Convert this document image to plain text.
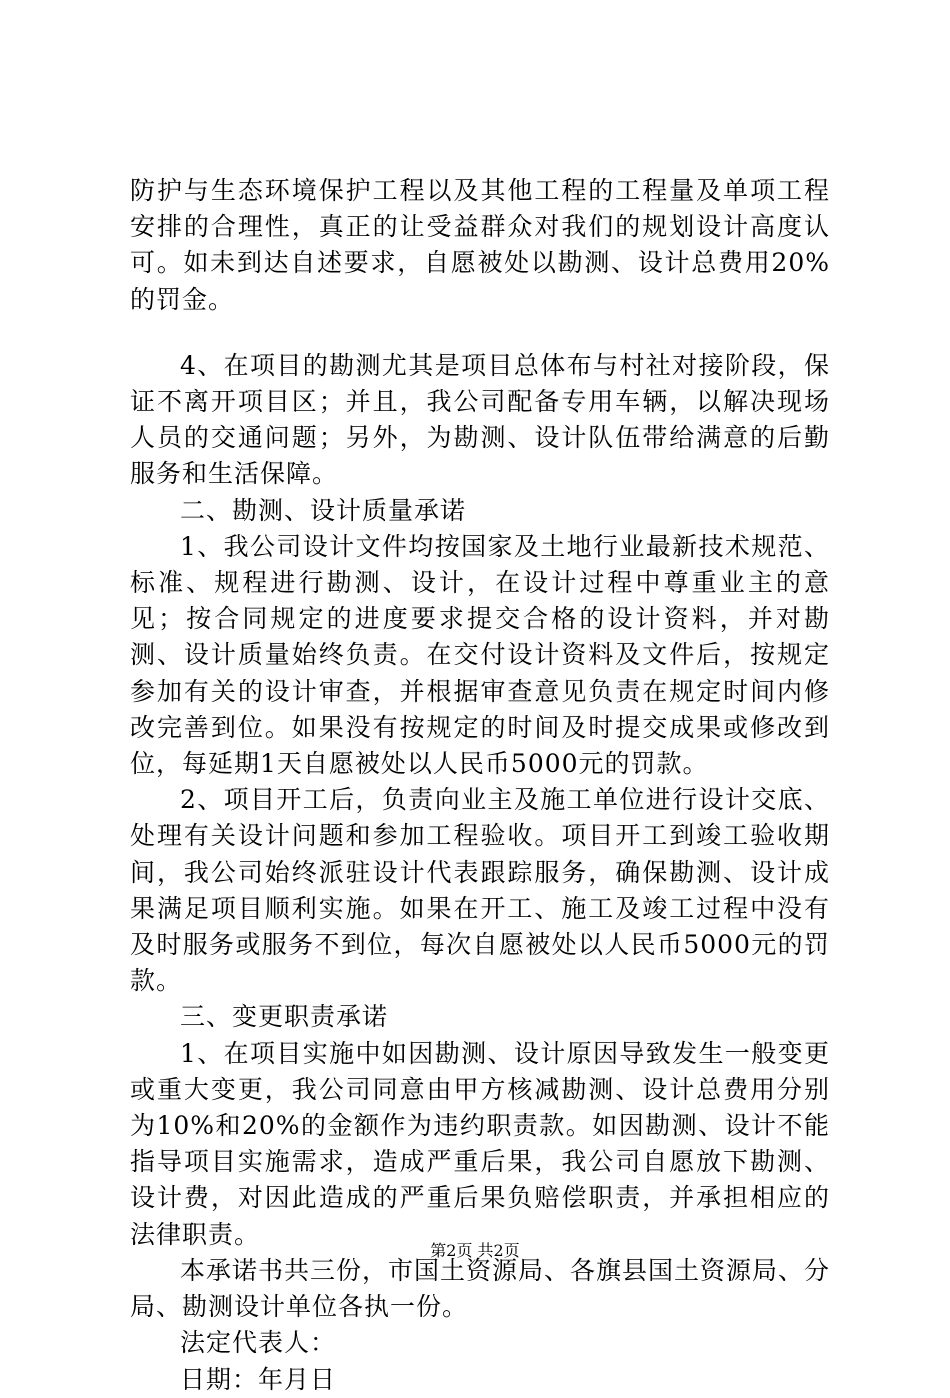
防护与生态环境保护工程以及其他工程的工程量及单项工程安排的合理性，真正的让受益群众对我们的规划设计高度认可。如未到达自述要求，自愿被处以勘测、设计总费用20%的罚金。

4、在项目的勘测尤其是项目总体布与村社对接阶段，保证不离开项目区；并且，我公司配备专用车辆，以解决现场人员的交通问题；另外，为勘测、设计队伍带给满意的后勤服务和生活保障。

二、勘测、设计质量承诺

1、我公司设计文件均按国家及土地行业最新技术规范、标准、规程进行勘测、设计，在设计过程中尊重业主的意见；按合同规定的进度要求提交合格的设计资料，并对勘测、设计质量始终负责。在交付设计资料及文件后，按规定参加有关的设计审查，并根据审查意见负责在规定时间内修改完善到位。如果没有按规定的时间及时提交成果或修改到位，每延期1天自愿被处以人民币5000元的罚款。

2、项目开工后，负责向业主及施工单位进行设计交底、处理有关设计问题和参加工程验收。项目开工到竣工验收期间，我公司始终派驻设计代表跟踪服务，确保勘测、设计成果满足项目顺利实施。如果在开工、施工及竣工过程中没有及时服务或服务不到位，每次自愿被处以人民币5000元的罚款。

三、变更职责承诺

1、在项目实施中如因勘测、设计原因导致发生一般变更或重大变更，我公司同意由甲方核减勘测、设计总费用分别为10%和20%的金额作为违约职责款。如因勘测、设计不能指导项目实施需求，造成严重后果，我公司自愿放下勘测、设计费，对因此造成的严重后果负赔偿职责，并承担相应的法律职责。

本承诺书共三份，市国土资源局、各旗县国土资源局、分局、勘测设计单位各执一份。

法定代表人：

日期：年月日

第2页 共2页
